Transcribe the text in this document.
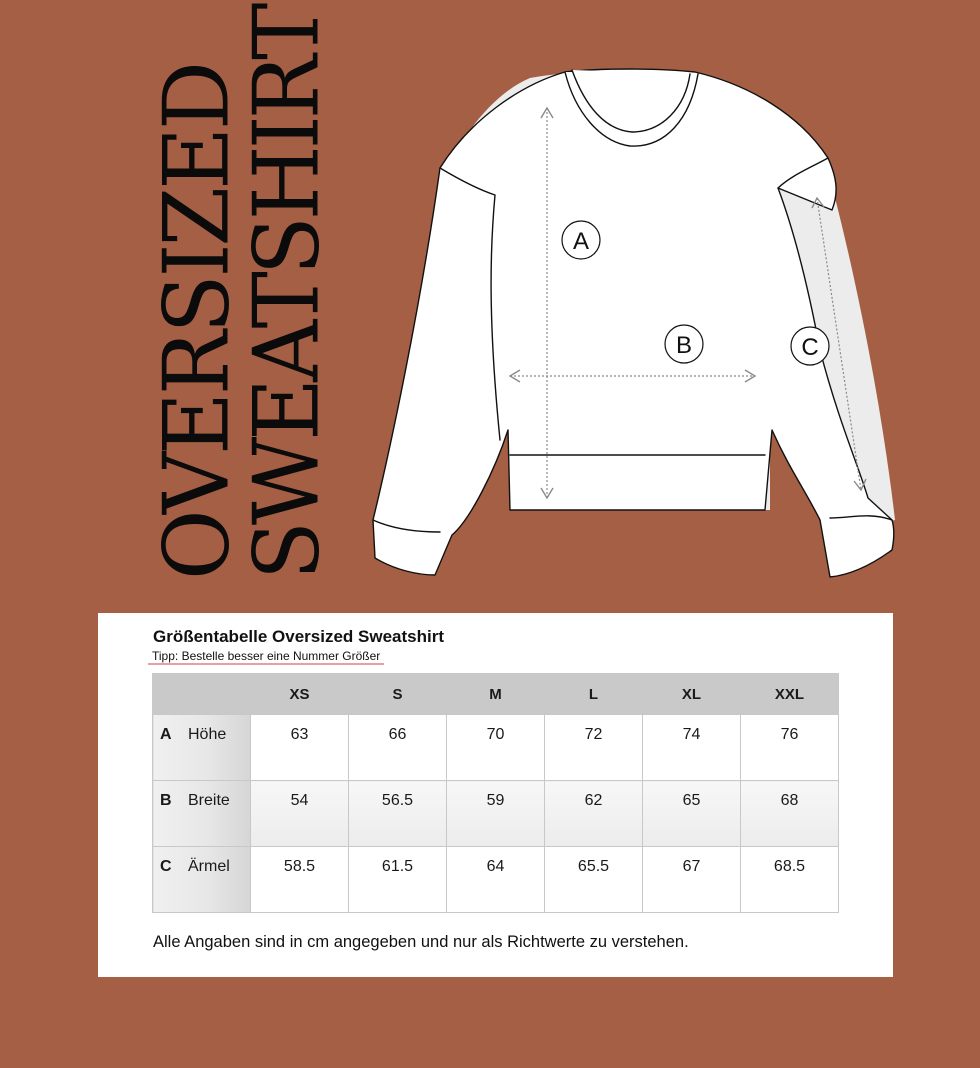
OVERSIZED
SWEATSHIRT	A
B	C
Größentabelle Oversized Sweatshirt
Tipp: Bestelle besser eine Nummer Größer
	XS	S	M	L	XL	XXL
A Höhe	63	66	70	72	74	76
B Breite	54	56.5	59	62	65	68
C Ärmel	58.5	61.5	64	65.5	67	68.5
Alle Angaben sind in cm angegeben und nur als Richtwerte zu verstehen.
